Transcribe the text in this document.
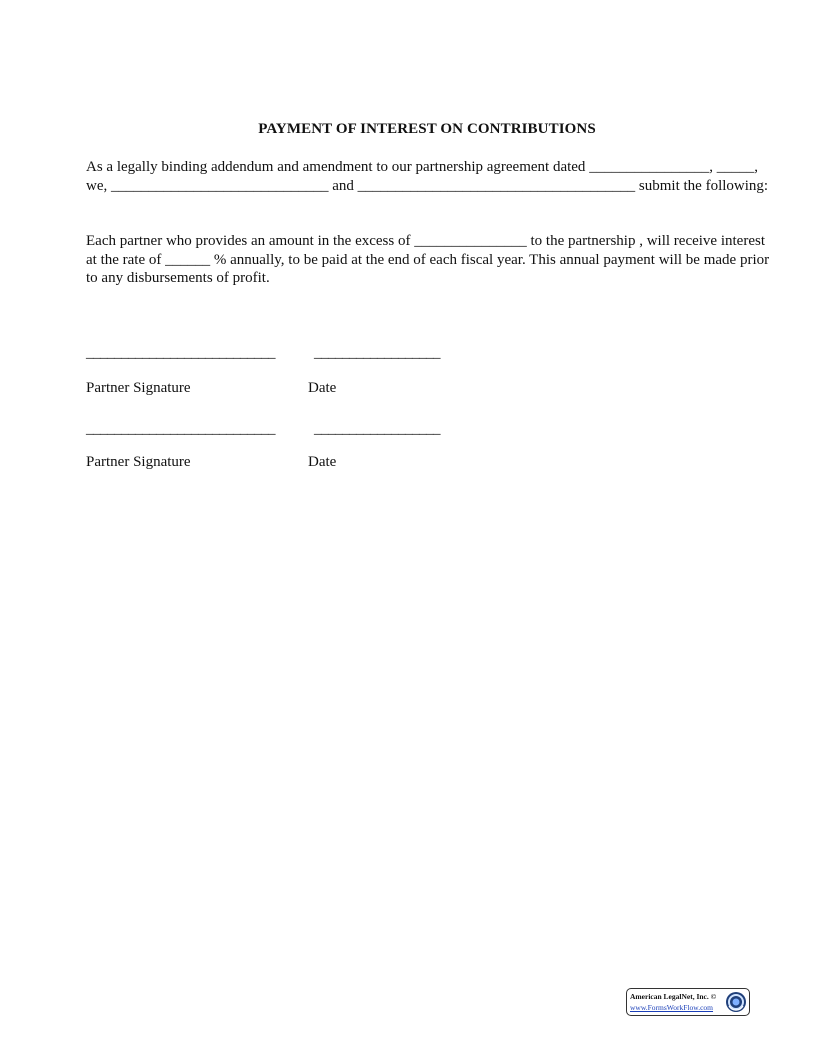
PAYMENT OF INTEREST ON CONTRIBUTIONS

As a legally binding addendum and amendment to our partnership agreement dated ________________, _____, we, _____________________________ and _____________________________________ submit the following:

Each partner who provides an amount in the excess of _______________ to the partnership , will receive interest at the rate of ______ % annually, to be paid at the end of each fiscal year. This annual payment will be made prior to any disbursements of profit.

___________________________	__________________
Partner Signature	Date
___________________________	__________________
Partner Signature	Date
American LegalNet, Inc. ©
www.FormsWorkFlow.com
